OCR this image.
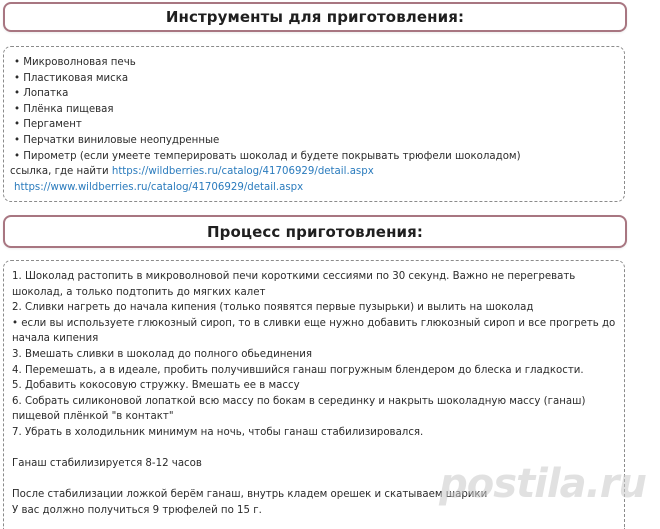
Инструменты для приготовления:
• Микроволновая печь
• Пластиковая миска
• Лопатка
• Плёнка пищевая
• Пергамент
• Перчатки виниловые неопудренные
• Пирометр (если умеете темперировать шоколад и будете покрывать трюфели шоколадом)
ссылка, где найти https://wildberries.ru/catalog/41706929/detail.aspx
https://www.wildberries.ru/catalog/41706929/detail.aspx
Процесс приготовления:
1. Шоколад растопить в микроволновой печи короткими сессиями по 30 секунд. Важно не перегревать шоколад, а только подтопить до мягких калет
2. Сливки нагреть до начала кипения (только появятся первые пузырьки) и вылить на шоколад
• если вы используете глюкозный сироп, то в сливки еще нужно добавить глюкозный сироп и все прогреть до начала кипения
3. Вмешать сливки в шоколад до полного обьединения
4. Перемешать, а в идеале, пробить получившийся ганаш погружным блендером до блеска и гладкости.
5. Добавить кокосовую стружку. Вмешать ее в массу
6. Собрать силиконовой лопаткой всю массу по бокам в серединку и накрыть шоколадную массу (ганаш) пищевой плёнкой "в контакт"
7. Убрать в холодильник минимум на ночь, чтобы ганаш стабилизировался.
Ганаш стабилизируется 8-12 часов
После стабилизации ложкой берём ганаш, внутрь кладем орешек и скатываем шарики
У вас должно получиться 9 трюфелей по 15 г.
postila.ru
